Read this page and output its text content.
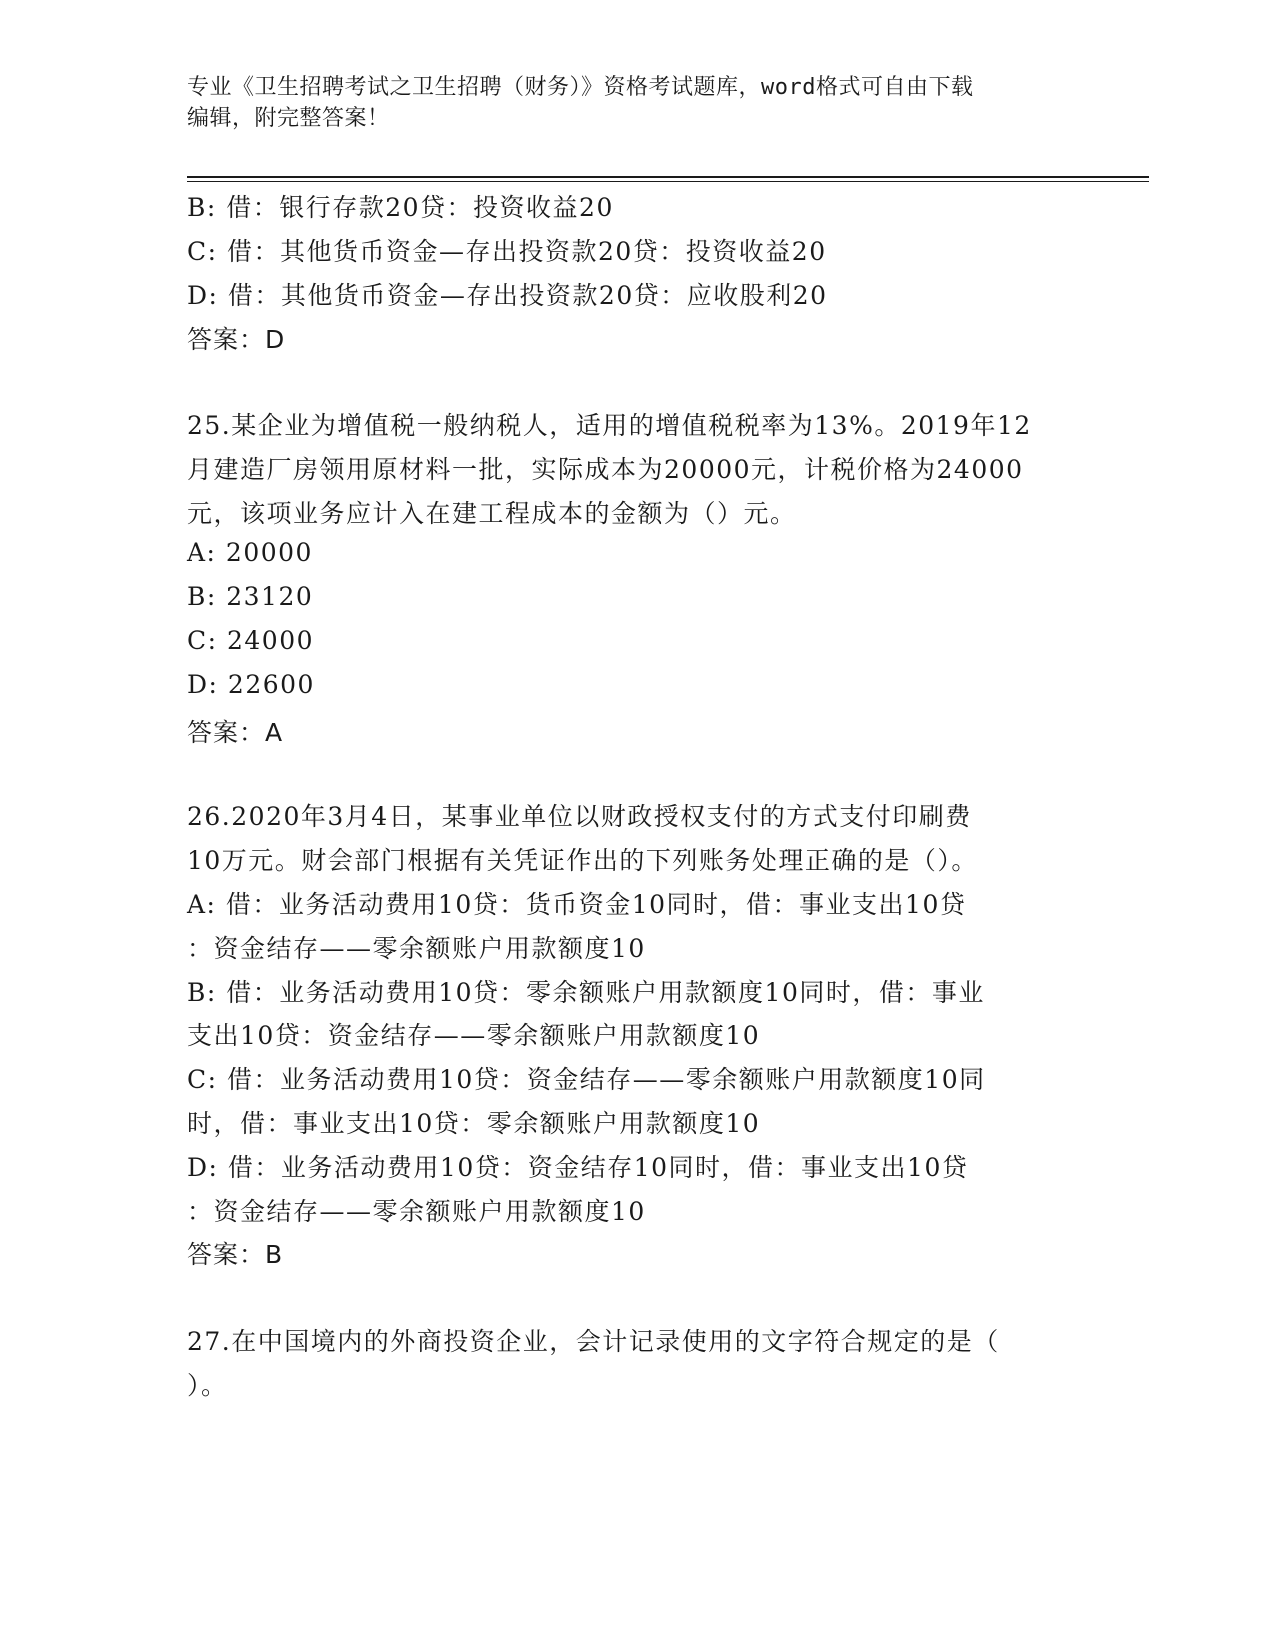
专业《卫生招聘考试之卫生招聘（财务）》资格考试题库，word格式可自由下载
编辑，附完整答案！
B: 借：银行存款20贷：投资收益20
C: 借：其他货币资金—存出投资款20贷：投资收益20
D: 借：其他货币资金—存出投资款20贷：应收股利20
答案：D
25.某企业为增值税一般纳税人，适用的增值税税率为13%。2019年12
月建造厂房领用原材料一批，实际成本为20000元，计税价格为24000
元，该项业务应计入在建工程成本的金额为（）元。
A: 20000
B: 23120
C: 24000
D: 22600
答案：A
26.2020年3月4日，某事业单位以财政授权支付的方式支付印刷费
10万元。财会部门根据有关凭证作出的下列账务处理正确的是（）。
A: 借：业务活动费用10贷：货币资金10同时，借：事业支出10贷
：资金结存——零余额账户用款额度10
B: 借：业务活动费用10贷：零余额账户用款额度10同时，借：事业
支出10贷：资金结存——零余额账户用款额度10
C: 借：业务活动费用10贷：资金结存——零余额账户用款额度10同
时，借：事业支出10贷：零余额账户用款额度10
D: 借：业务活动费用10贷：资金结存10同时，借：事业支出10贷
：资金结存——零余额账户用款额度10
答案：B
27.在中国境内的外商投资企业，会计记录使用的文字符合规定的是（
）。
